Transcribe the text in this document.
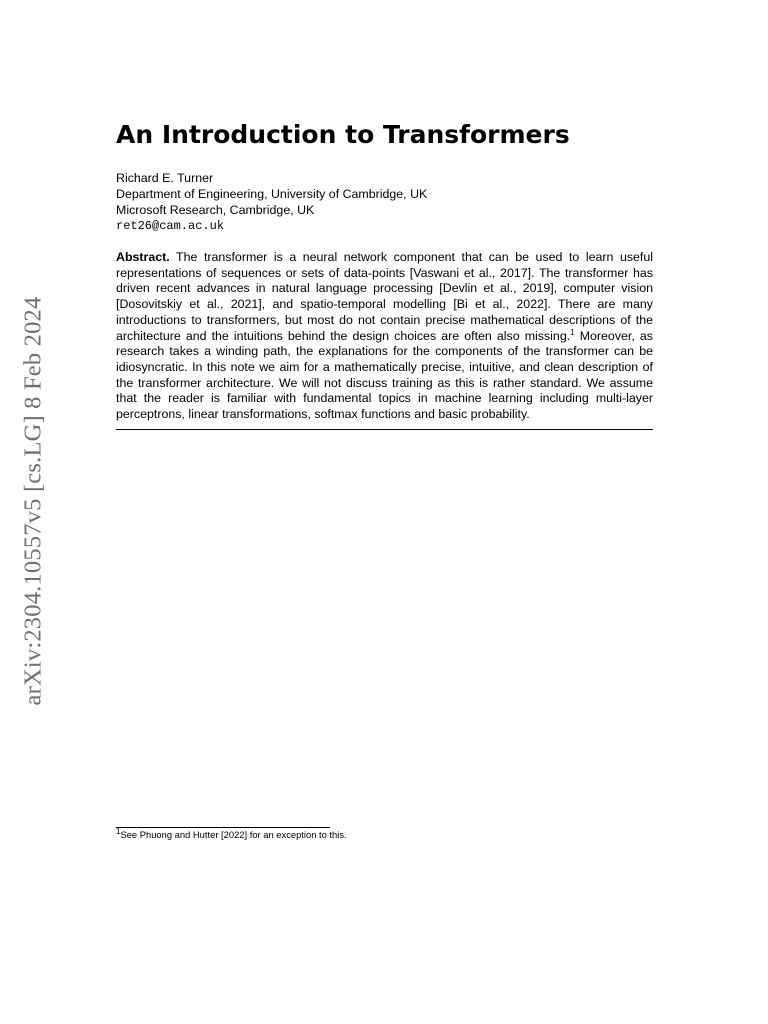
arXiv:2304.10557v5 [cs.LG] 8 Feb 2024
An Introduction to Transformers
Richard E. Turner
Department of Engineering, University of Cambridge, UK
Microsoft Research, Cambridge, UK
ret26@cam.ac.uk

Abstract. The transformer is a neural network component that can be used to learn useful representations of sequences or sets of data-points [Vaswani et al., 2017]. The transformer has driven recent advances in natural language processing [Devlin et al., 2019], computer vision [Dosovitskiy et al., 2021], and spatio-temporal modelling [Bi et al., 2022]. There are many introductions to transformers, but most do not contain precise mathematical descriptions of the architecture and the intuitions behind the design choices are often also missing.$^1$ Moreover, as research takes a winding path, the explanations for the components of the transformer can be idiosyncratic. In this note we aim for a mathematically precise, intuitive, and clean description of the transformer architecture. We will not discuss training as this is rather standard. We assume that the reader is familiar with fundamental topics in machine learning including multi-layer perceptrons, linear transformations, softmax functions and basic probability.

$^1$See Phuong and Hutter [2022] for an exception to this.
